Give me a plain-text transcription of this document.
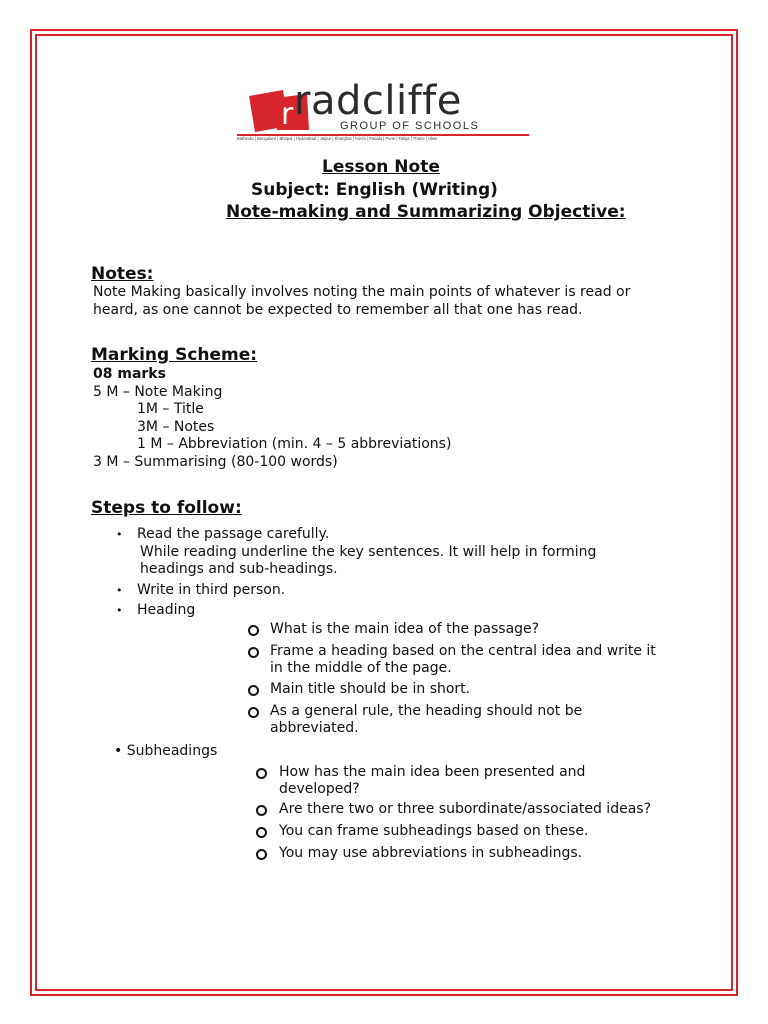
r radcliffe
GROUP OF SCHOOLS
Bathinda | Bengaluru | Bhopal | Hyderabad | Jaipur | Kharghar | Kochi | Patiala | Pune | Taloja | Thane | Ulwe
Lesson Note
Subject: English (Writing)
Note-making and Summarizing Objective:
Notes:
Note Making basically involves noting the main points of whatever is read or
heard, as one cannot be expected to remember all that one has read.
Marking Scheme:
08 marks
5 M – Note Making
1M – Title
3M – Notes
1 M – Abbreviation (min. 4 – 5 abbreviations)
3 M – Summarising (80-100 words)
Steps to follow:
• Read the passage carefully.
While reading underline the key sentences. It will help in forming
headings and sub-headings.
• Write in third person.
• Heading
What is the main idea of the passage?
Frame a heading based on the central idea and write it
in the middle of the page.
Main title should be in short.
As a general rule, the heading should not be
abbreviated.
• Subheadings
How has the main idea been presented and
developed?
Are there two or three subordinate/associated ideas?
You can frame subheadings based on these.
You may use abbreviations in subheadings.
